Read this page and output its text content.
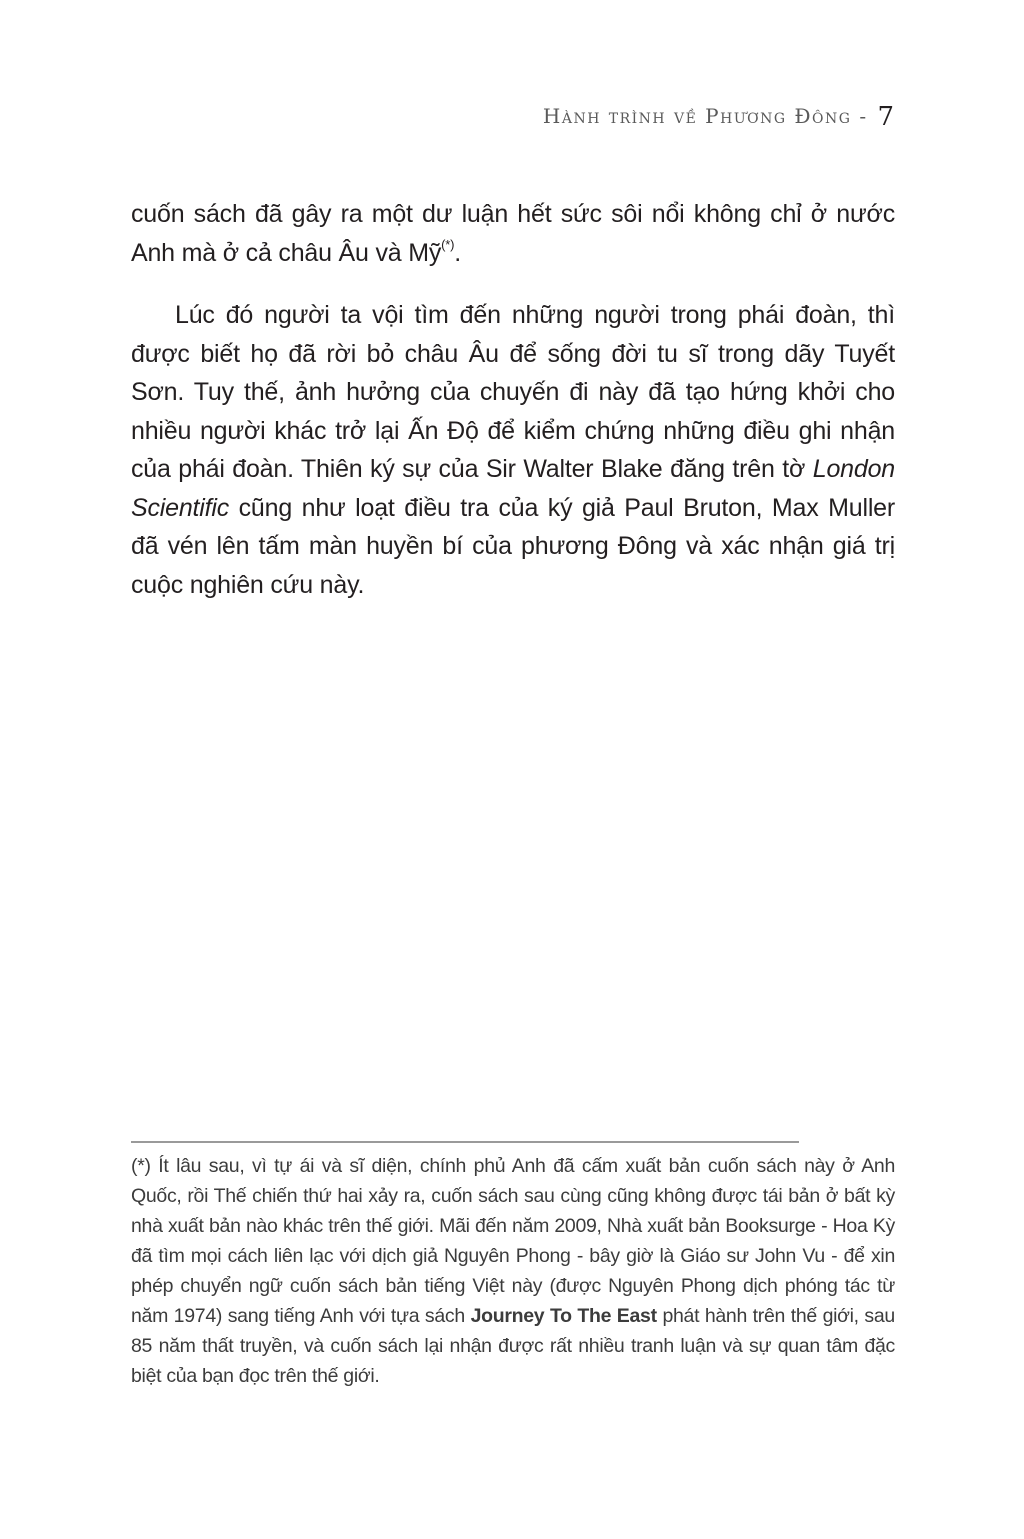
Hành trình về Phương Đông - 7

cuốn sách đã gây ra một dư luận hết sức sôi nổi không chỉ ở nước Anh mà ở cả châu Âu và Mỹ(*).

Lúc đó người ta vội tìm đến những người trong phái đoàn, thì được biết họ đã rời bỏ châu Âu để sống đời tu sĩ trong dãy Tuyết Sơn. Tuy thế, ảnh hưởng của chuyến đi này đã tạo hứng khởi cho nhiều người khác trở lại Ấn Độ để kiểm chứng những điều ghi nhận của phái đoàn. Thiên ký sự của Sir Walter Blake đăng trên tờ London Scientific cũng như loạt điều tra của ký giả Paul Bruton, Max Muller đã vén lên tấm màn huyền bí của phương Đông và xác nhận giá trị cuộc nghiên cứu này.

(*) Ít lâu sau, vì tự ái và sĩ diện, chính phủ Anh đã cấm xuất bản cuốn sách này ở Anh Quốc, rồi Thế chiến thứ hai xảy ra, cuốn sách sau cùng cũng không được tái bản ở bất kỳ nhà xuất bản nào khác trên thế giới. Mãi đến năm 2009, Nhà xuất bản Booksurge - Hoa Kỳ đã tìm mọi cách liên lạc với dịch giả Nguyên Phong - bây giờ là Giáo sư John Vu - để xin phép chuyển ngữ cuốn sách bản tiếng Việt này (được Nguyên Phong dịch phóng tác từ năm 1974) sang tiếng Anh với tựa sách Journey To The East phát hành trên thế giới, sau 85 năm thất truyền, và cuốn sách lại nhận được rất nhiều tranh luận và sự quan tâm đặc biệt của bạn đọc trên thế giới.
